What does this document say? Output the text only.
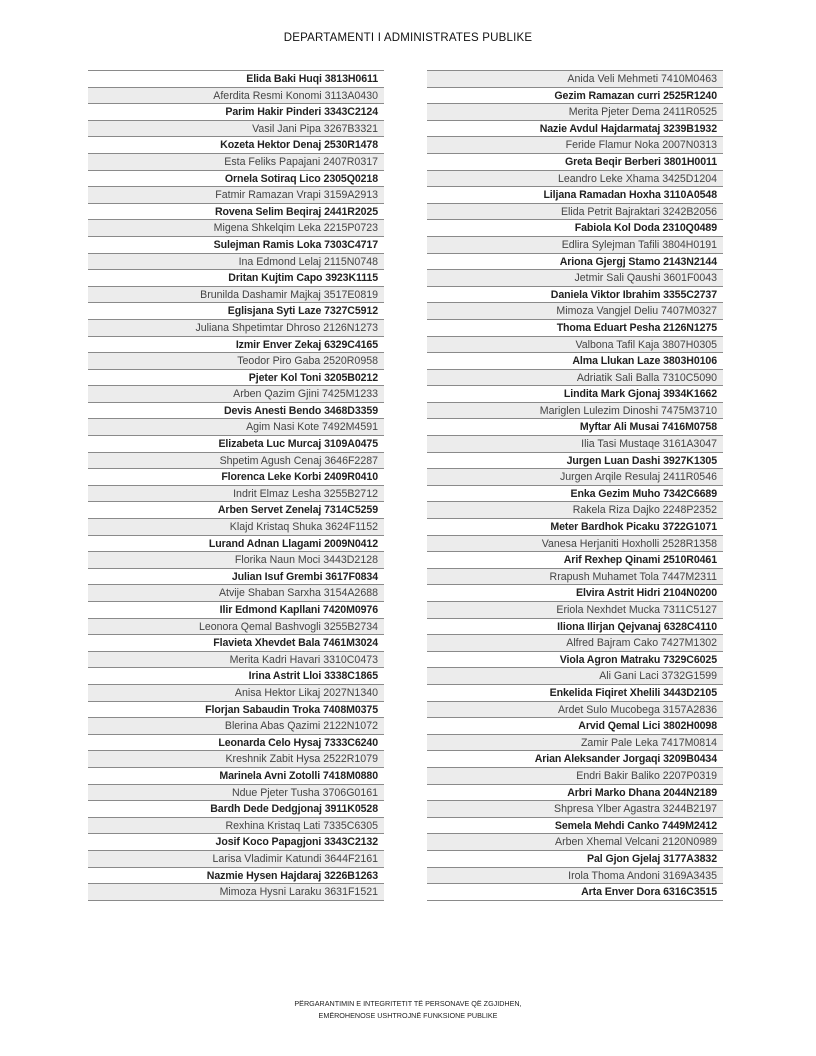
DEPARTAMENTI I ADMINISTRATES PUBLIKE
Elida Baki Huqi 3813H0611
Aferdita Resmi Konomi 3113A0430
Parim Hakir Pinderi 3343C2124
Vasil Jani Pipa 3267B3321
Kozeta Hektor Denaj 2530R1478
Esta Feliks Papajani 2407R0317
Ornela Sotiraq Lico 2305Q0218
Fatmir Ramazan Vrapi 3159A2913
Rovena Selim Beqiraj 2441R2025
Migena Shkelqim Leka 2215P0723
Sulejman Ramis Loka 7303C4717
Ina Edmond Lelaj 2115N0748
Dritan Kujtim Capo 3923K1115
Brunilda Dashamir Majkaj 3517E0819
Eglisjana Syti Laze 7327C5912
Juliana Shpetimtar Dhroso 2126N1273
Izmir Enver Zekaj 6329C4165
Teodor Piro Gaba 2520R0958
Pjeter Kol Toni 3205B0212
Arben Qazim Gjini 7425M1233
Devis Anesti Bendo 3468D3359
Agim Nasi Kote 7492M4591
Elizabeta Luc Murcaj 3109A0475
Shpetim Agush Cenaj 3646F2287
Florenca Leke Korbi 2409R0410
Indrit Elmaz Lesha 3255B2712
Arben Servet Zenelaj 7314C5259
Klajd Kristaq Shuka 3624F1152
Lurand Adnan Llagami 2009N0412
Florika Naun Moci 3443D2128
Julian Isuf Grembi 3617F0834
Atvije Shaban Sarxha 3154A2688
Ilir Edmond Kapllani 7420M0976
Leonora Qemal Bashvogli 3255B2734
Flavieta Xhevdet Bala 7461M3024
Merita Kadri Havari 3310C0473
Irina Astrit Lloi 3338C1865
Anisa Hektor Likaj 2027N1340
Florjan Sabaudin Troka 7408M0375
Blerina Abas Qazimi 2122N1072
Leonarda Celo Hysaj 7333C6240
Kreshnik Zabit Hysa 2522R1079
Marinela Avni Zotolli 7418M0880
Ndue Pjeter Tusha 3706G0161
Bardh Dede Dedgjonaj 3911K0528
Rexhina Kristaq Lati 7335C6305
Josif Koco Papagjoni 3343C2132
Larisa Vladimir Katundi 3644F2161
Nazmie Hysen Hajdaraj 3226B1263
Mimoza Hysni Laraku 3631F1521
Anida Veli Mehmeti 7410M0463
Gezim Ramazan curri 2525R1240
Merita Pjeter Dema 2411R0525
Nazie Avdul Hajdarmataj 3239B1932
Feride Flamur Noka 2007N0313
Greta Beqir Berberi 3801H0011
Leandro Leke Xhama 3425D1204
Liljana Ramadan Hoxha 3110A0548
Elida Petrit Bajraktari 3242B2056
Fabiola Kol Doda 2310Q0489
Edlira Sylejman Tafili 3804H0191
Ariona Gjergj Stamo 2143N2144
Jetmir Sali Qaushi 3601F0043
Daniela Viktor Ibrahim 3355C2737
Mimoza Vangjel Deliu 7407M0327
Thoma Eduart Pesha 2126N1275
Valbona Tafil Kaja 3807H0305
Alma Llukan Laze 3803H0106
Adriatik Sali Balla 7310C5090
Lindita Mark Gjonaj 3934K1662
Mariglen Lulezim Dinoshi 7475M3710
Myftar Ali Musai 7416M0758
Ilia Tasi Mustaqe 3161A3047
Jurgen Luan Dashi 3927K1305
Jurgen Arqile Resulaj 2411R0546
Enka Gezim Muho 7342C6689
Rakela Riza Dajko 2248P2352
Meter Bardhok Picaku 3722G1071
Vanesa Herjaniti Hoxholli 2528R1358
Arif Rexhep Qinami 2510R0461
Rrapush Muhamet Tola 7447M2311
Elvira Astrit Hidri 2104N0200
Eriola Nexhdet Mucka 7311C5127
Iliona Ilirjan Qejvanaj 6328C4110
Alfred Bajram Cako 7427M1302
Viola Agron Matraku 7329C6025
Ali Gani Laci 3732G1599
Enkelida Fiqiret Xhelili 3443D2105
Ardet Sulo Mucobega 3157A2836
Arvid Qemal Lici 3802H0098
Zamir Pale Leka 7417M0814
Arian Aleksander Jorgaqi 3209B0434
Endri Bakir Baliko 2207P0319
Arbri Marko Dhana 2044N2189
Shpresa Ylber Agastra 3244B2197
Semela Mehdi Canko 7449M2412
Arben Xhemal Velcani 2120N0989
Pal Gjon Gjelaj 3177A3832
Irola Thoma Andoni 3169A3435
Arta Enver Dora 6316C3515
PËRGARANTIMIN E INTEGRITETIT TË PERSONAVE QË ZGJIDHEN,
EMËROHENOSE USHTROJNË FUNKSIONE PUBLIKE
